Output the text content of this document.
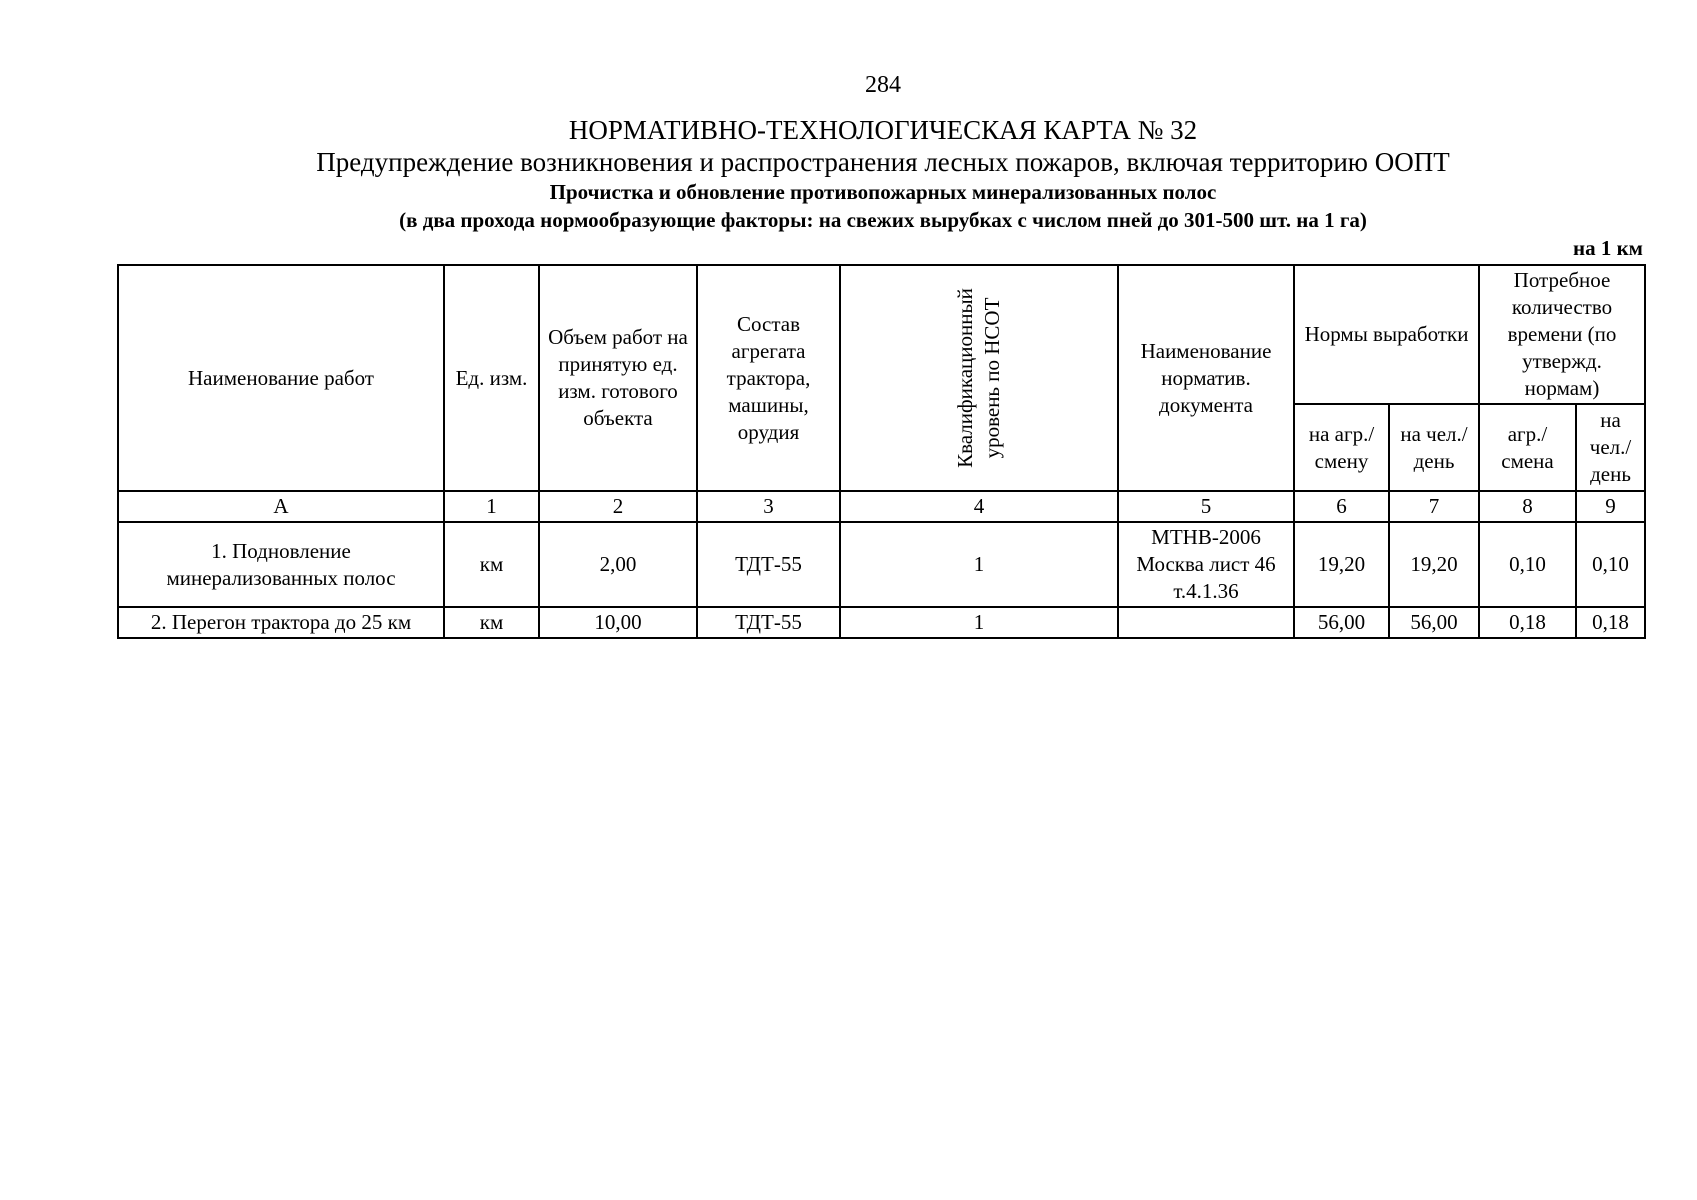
284
НОРМАТИВНО-ТЕХНОЛОГИЧЕСКАЯ КАРТА № 32
Предупреждение возникновения и распространения лесных пожаров, включая территорию ООПТ
Прочистка и обновление противопожарных минерализованных полос
(в два прохода нормообразующие факторы: на свежих вырубках с числом пней до 301-500 шт. на 1 га)
на 1 км
Наименование работ	Ед. изм.	Объем работ на принятую ед. изм. готового объекта	Состав агрегата трактора, машины, орудия	Квалификационный уровень по НСОТ	Наименование норматив. документа	Нормы выработки		Потребное количество времени (по утвержд. нормам)	
						на агр./ смену	на чел./ день	агр./ смена	на чел./ день
А	1	2	3	4	5	6	7	8	9
1. Подновление минерализованных полос	км	2,00	ТДТ-55	1	МТНВ-2006 Москва лист 46 т.4.1.36	19,20	19,20	0,10	0,10
2. Перегон трактора до 25 км	км	10,00	ТДТ-55	1		56,00	56,00	0,18	0,18
